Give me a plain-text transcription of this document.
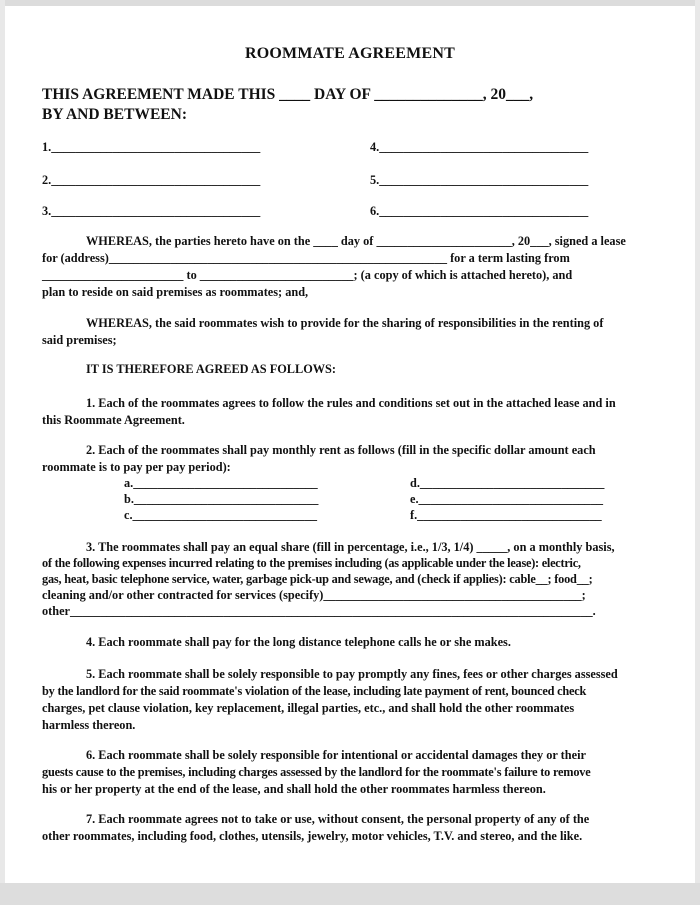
ROOMMATE AGREEMENT
THIS AGREEMENT MADE THIS ____ DAY OF ______________, 20___,
BY AND BETWEEN:
1.__________________________________	4.__________________________________
2.__________________________________	5.__________________________________
3.__________________________________	6.__________________________________
WHEREAS, the parties hereto have on the ____ day of ______________________, 20___, signed a lease
for (address)_______________________________________________________ for a term lasting from
_______________________ to _________________________; (a copy of which is attached hereto), and
plan to reside on said premises as roommates; and,
WHEREAS, the said roommates wish to provide for the sharing of responsibilities in the renting of
said premises;
IT IS THEREFORE AGREED AS FOLLOWS:
1. Each of the roommates agrees to follow the rules and conditions set out in the attached lease and in
this Roommate Agreement.
2. Each of the roommates shall pay monthly rent as follows (fill in the specific dollar amount each
roommate is to pay per pay period):
a.______________________________	d.______________________________
b.______________________________	e.______________________________
c.______________________________	f.______________________________
3. The roommates shall pay an equal share (fill in percentage, i.e., 1/3, 1/4) _____, on a monthly basis,
of the following expenses incurred relating to the premises including (as applicable under the lease): electric,
gas, heat, basic telephone service, water, garbage pick-up and sewage, and (check if applies): cable__; food__;
cleaning and/or other contracted for services (specify)__________________________________________;
other_____________________________________________________________________________________.
4. Each roommate shall pay for the long distance telephone calls he or she makes.
5. Each roommate shall be solely responsible to pay promptly any fines, fees or other charges assessed
by the landlord for the said roommate's violation of the lease, including late payment of rent, bounced check
charges, pet clause violation, key replacement, illegal parties, etc., and shall hold the other roommates
harmless thereon.
6. Each roommate shall be solely responsible for intentional or accidental damages they or their
guests cause to the premises, including charges assessed by the landlord for the roommate's failure to remove
his or her property at the end of the lease, and shall hold the other roommates harmless thereon.
7. Each roommate agrees not to take or use, without consent, the personal property of any of the
other roommates, including food, clothes, utensils, jewelry, motor vehicles, T.V. and stereo, and the like.
